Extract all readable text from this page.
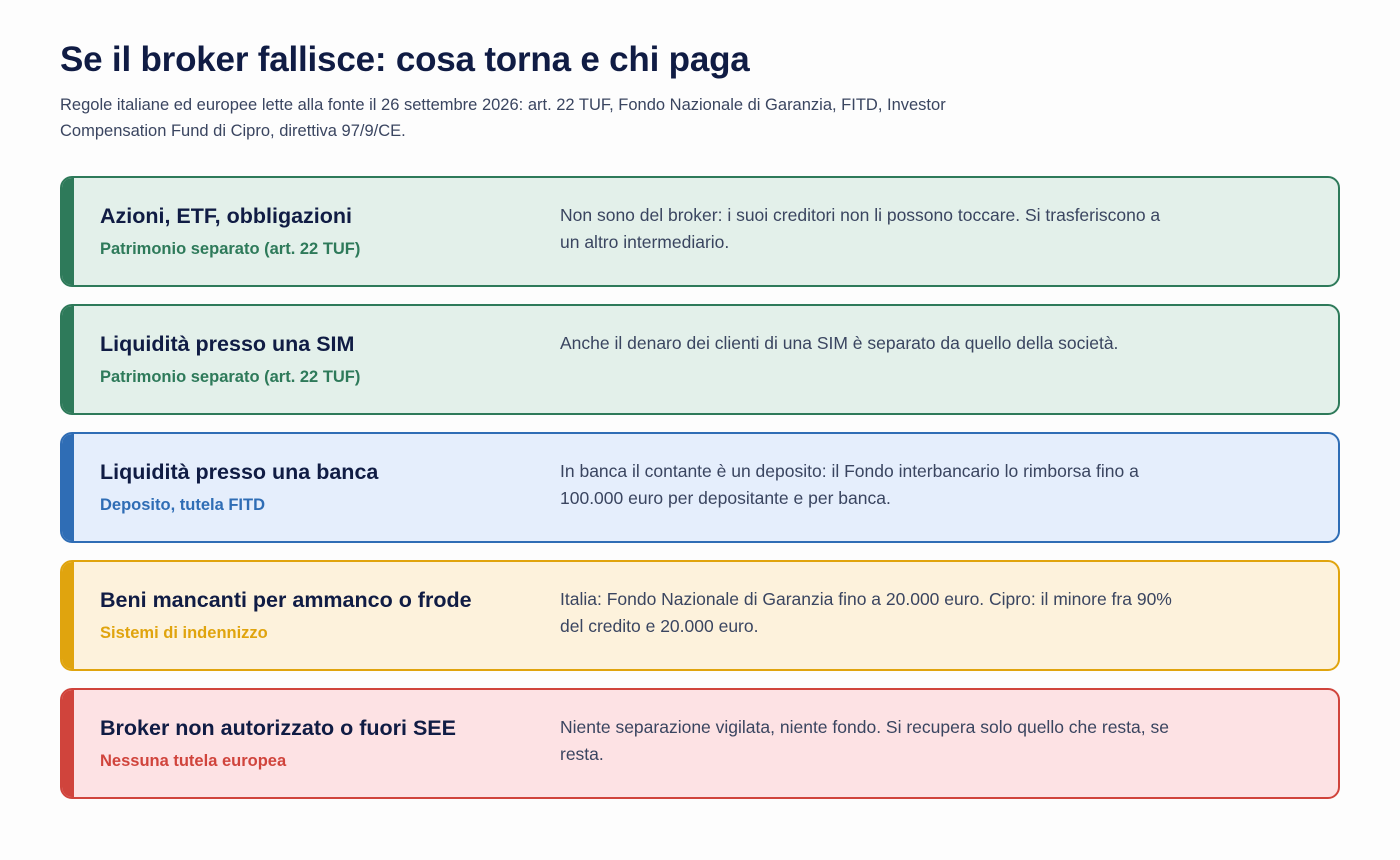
Se il broker fallisce: cosa torna e chi paga

Regole italiane ed europee lette alla fonte il 26 settembre 2026: art. 22 TUF, Fondo Nazionale di Garanzia, FITD, Investor Compensation Fund di Cipro, direttiva 97/9/CE.

Azioni, ETF, obbligazioni
Patrimonio separato (art. 22 TUF)
Non sono del broker: i suoi creditori non li possono toccare. Si trasferiscono a un altro intermediario.
Liquidità presso una SIM
Patrimonio separato (art. 22 TUF)
Anche il denaro dei clienti di una SIM è separato da quello della società.
Liquidità presso una banca
Deposito, tutela FITD
In banca il contante è un deposito: il Fondo interbancario lo rimborsa fino a 100.000 euro per depositante e per banca.
Beni mancanti per ammanco o frode
Sistemi di indennizzo
Italia: Fondo Nazionale di Garanzia fino a 20.000 euro. Cipro: il minore fra 90% del credito e 20.000 euro.
Broker non autorizzato o fuori SEE
Nessuna tutela europea
Niente separazione vigilata, niente fondo. Si recupera solo quello che resta, se resta.
